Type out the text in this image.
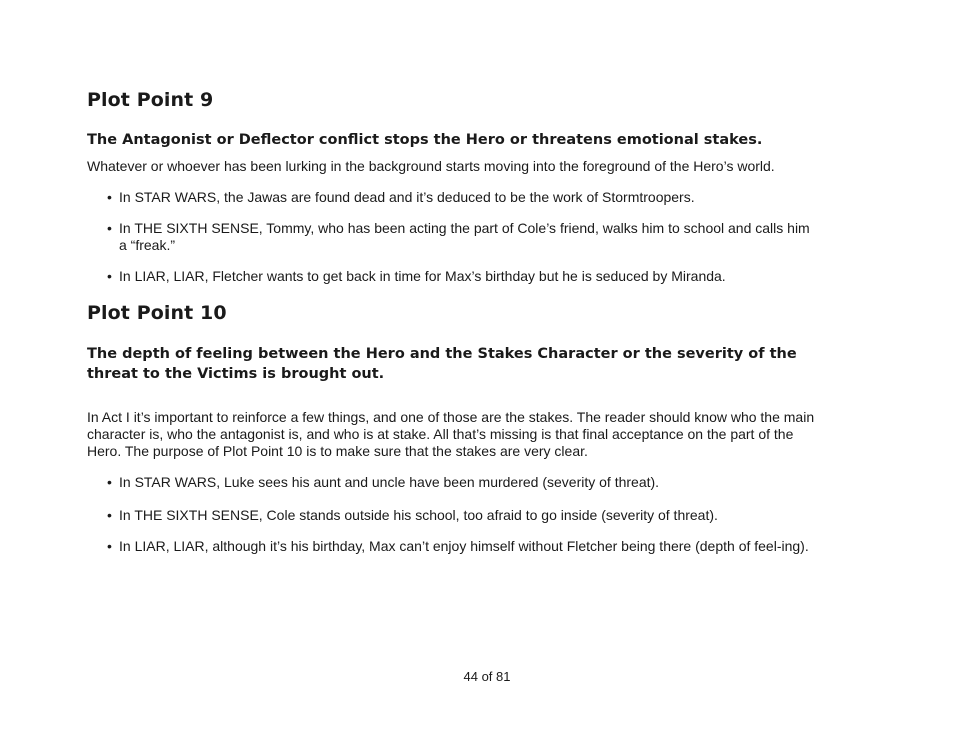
Plot Point 9
The Antagonist or Deflector conflict stops the Hero or threatens emotional stakes.
Whatever or whoever has been lurking in the background starts moving into the foreground of the Hero’s world.
• In STAR WARS, the Jawas are found dead and it’s deduced to be the work of Stormtroopers.
• In THE SIXTH SENSE, Tommy, who has been acting the part of Cole’s friend, walks him to school and calls him a “freak.”
• In LIAR, LIAR, Fletcher wants to get back in time for Max’s birthday but he is seduced by Miranda.
Plot Point 10
The depth of feeling between the Hero and the Stakes Character or the severity of the threat to the Victims is brought out.
In Act I it’s important to reinforce a few things, and one of those are the stakes. The reader should know who the main character is, who the antagonist is, and who is at stake. All that’s missing is that final acceptance on the part of the Hero. The purpose of Plot Point 10 is to make sure that the stakes are very clear.
• In STAR WARS, Luke sees his aunt and uncle have been murdered (severity of threat).
• In THE SIXTH SENSE, Cole stands outside his school, too afraid to go inside (severity of threat).
• In LIAR, LIAR, although it’s his birthday, Max can’t enjoy himself without Fletcher being there (depth of feel-ing).
44 of 81
